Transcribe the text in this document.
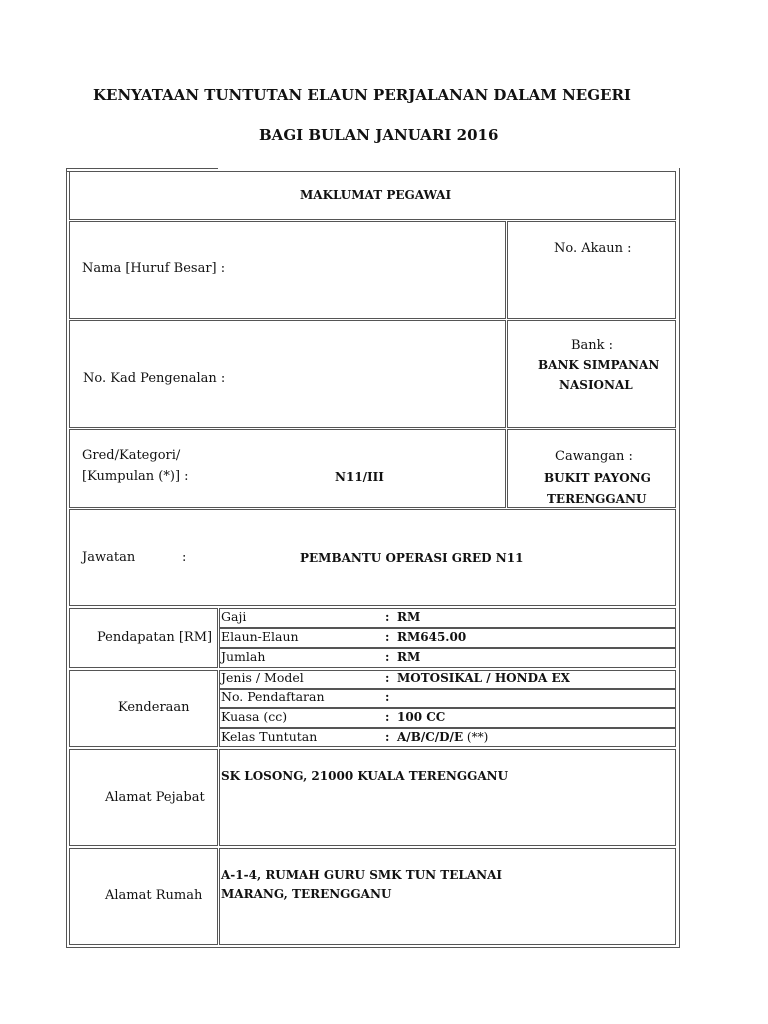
KENYATAAN TUNTUTAN ELAUN PERJALANAN DALAM NEGERI
BAGI BULAN JANUARI 2016
MAKLUMAT PEGAWAI
Nama [Huruf Besar] :
No. Akaun :
No. Kad Pengenalan :
Bank :
BANK SIMPANAN
NASIONAL
Gred/Kategori/
[Kumpulan (*)] :	N11/III
Cawangan :
BUKIT PAYONG
TERENGGANU
Jawatan	:	PEMBANTU OPERASI GRED N11
Pendapatan [RM]
Gaji	: RM
Elaun-Elaun	: RM645.00
Jumlah	: RM
Kenderaan
Jenis / Model	: MOTOSIKAL / HONDA EX
No. Pendaftaran	:
Kuasa (cc)	: 100 CC
Kelas Tuntutan	: A/B/C/D/E (**)
Alamat Pejabat
SK LOSONG, 21000 KUALA TERENGGANU
Alamat Rumah
A-1-4, RUMAH GURU SMK TUN TELANAI
MARANG, TERENGGANU
